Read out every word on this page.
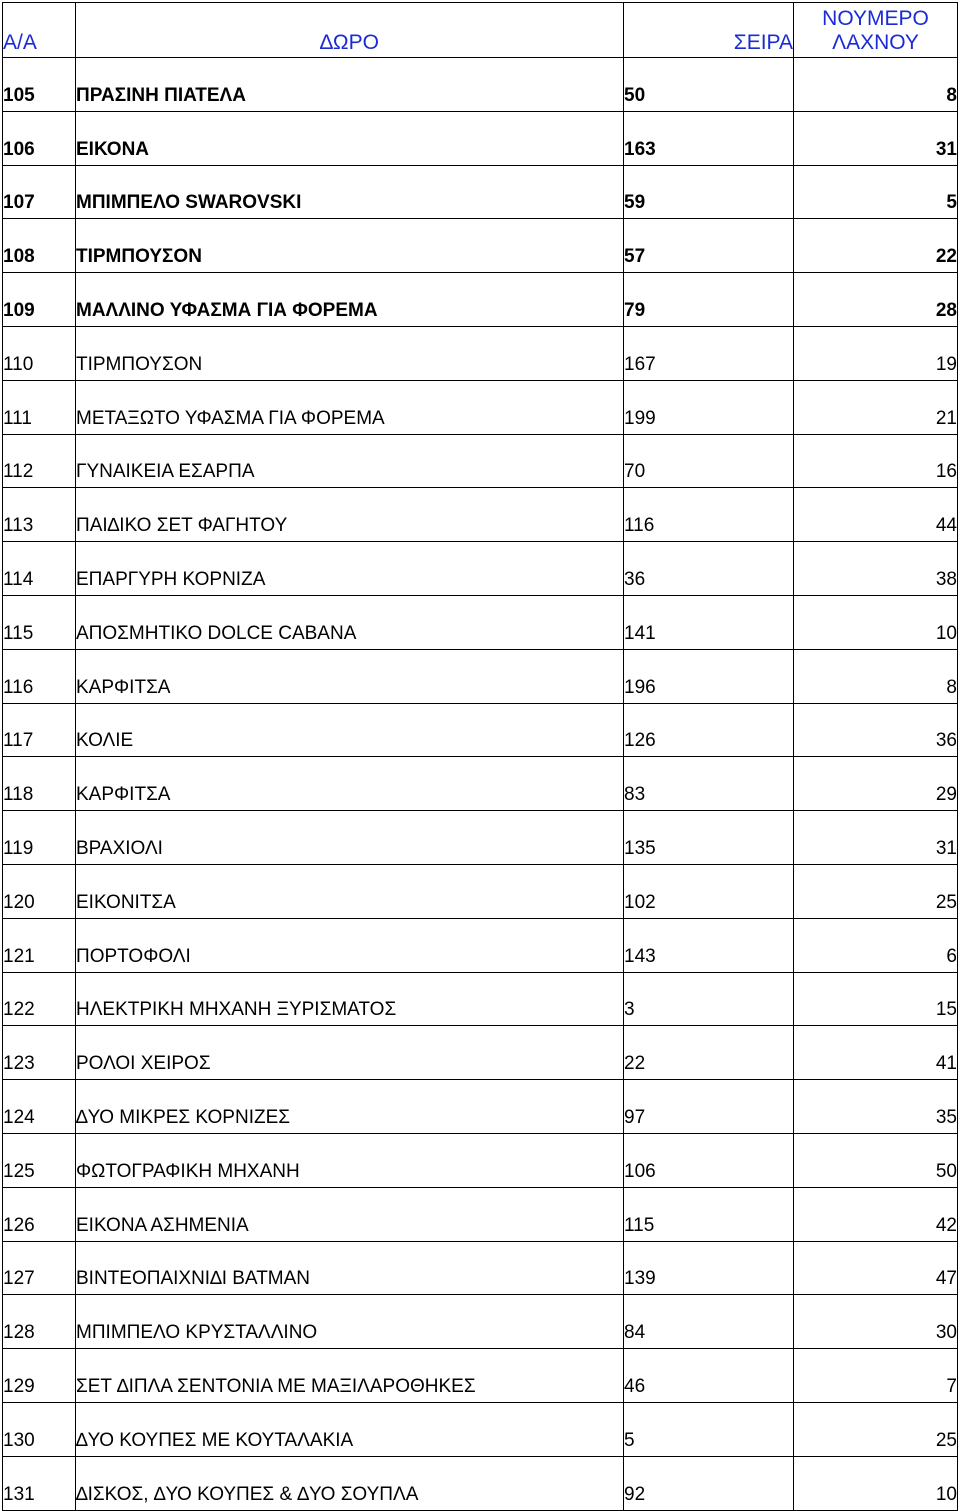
Α/Α	∆ΩΡΟ	ΣΕΙΡΑ	ΝΟΥΜΕΡΟ
ΛΑΧΝΟΥ
105	ΠΡΑΣΙΝΗ ΠΙΑΤΕΛΑ	50	8
106	ΕΙΚΟΝΑ	163	31
107	ΜΠΙΜΠΕΛΟ SWAROVSKI	59	5
108	ΤΙΡΜΠΟΥΣΟΝ	57	22
109	ΜΑΛΛΙΝΟ ΥΦΑΣΜΑ ΓΙΑ ΦΟΡΕΜΑ	79	28
110	ΤΙΡΜΠΟΥΣΟΝ	167	19
111	ΜΕΤΑΞΩΤΟ ΥΦΑΣΜΑ ΓΙΑ ΦΟΡΕΜΑ	199	21
112	ΓΥΝΑΙΚΕΙΑ ΕΣΑΡΠΑ	70	16
113	ΠΑΙ∆ΙΚΟ ΣΕΤ ΦΑΓΗΤΟΥ	116	44
114	ΕΠΑΡΓΥΡΗ ΚΟΡΝΙΖΑ	36	38
115	ΑΠΟΣΜΗΤΙΚΟ DOLCE CABANA	141	10
116	ΚΑΡΦΙΤΣΑ	196	8
117	ΚΟΛΙΕ	126	36
118	ΚΑΡΦΙΤΣΑ	83	29
119	ΒΡΑΧΙΟΛΙ	135	31
120	ΕΙΚΟΝΙΤΣΑ	102	25
121	ΠΟΡΤΟΦΟΛΙ	143	6
122	ΗΛΕΚΤΡΙΚΗ ΜΗΧΑΝΗ ΞΥΡΙΣΜΑΤΟΣ	3	15
123	ΡΟΛΟΙ ΧΕΙΡΟΣ	22	41
124	∆ΥΟ ΜΙΚΡΕΣ ΚΟΡΝΙΖΕΣ	97	35
125	ΦΩΤΟΓΡΑΦΙΚΗ ΜΗΧΑΝΗ	106	50
126	ΕΙΚΟΝΑ ΑΣΗΜΕΝΙΑ	115	42
127	ΒΙΝΤΕΟΠΑΙΧΝΙ∆Ι BATMAN	139	47
128	ΜΠΙΜΠΕΛΟ ΚΡΥΣΤΑΛΛΙΝΟ	84	30
129	ΣΕΤ ∆ΙΠΛΑ ΣΕΝΤΟΝΙΑ ΜΕ ΜΑΞΙΛΑΡΟΘΗΚΕΣ	46	7
130	∆ΥΟ ΚΟΥΠΕΣ ΜΕ ΚΟΥΤΑΛΑΚΙΑ	5	25
131	∆ΙΣΚΟΣ, ∆ΥΟ ΚΟΥΠΕΣ & ∆ΥΟ ΣΟΥΠΛΑ	92	10
